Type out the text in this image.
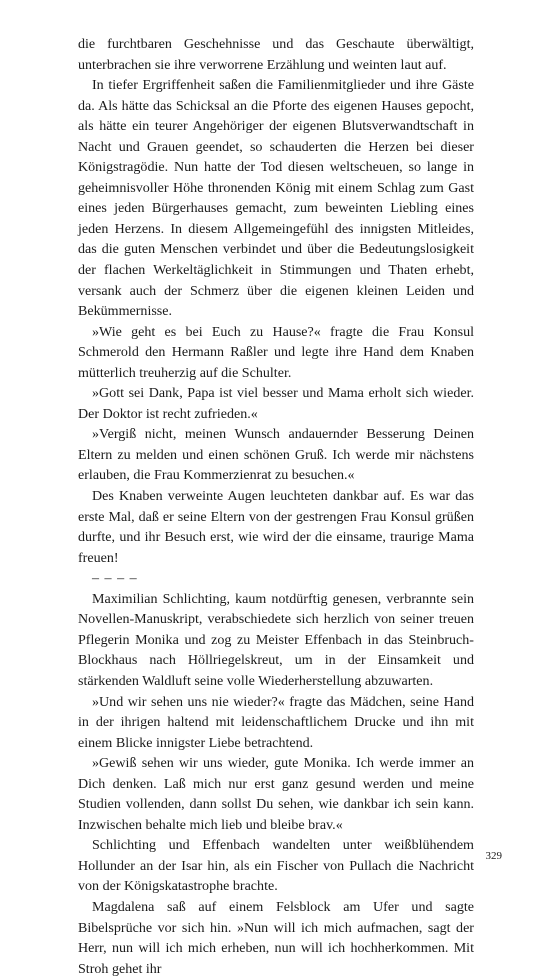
die furchtbaren Geschehnisse und das Geschaute überwältigt, unterbrachen sie ihre verworrene Erzählung und weinten laut auf.

In tiefer Ergriffenheit saßen die Familienmitglieder und ihre Gäste da. Als hätte das Schicksal an die Pforte des eigenen Hauses gepocht, als hätte ein teurer Angehöriger der eigenen Blutsverwandtschaft in Nacht und Grauen geendet, so schauderten die Herzen bei dieser Königstragödie. Nun hatte der Tod diesen weltscheuen, so lange in geheimnisvoller Höhe thronenden König mit einem Schlag zum Gast eines jeden Bürgerhauses gemacht, zum beweinten Liebling eines jeden Herzens. In diesem Allgemeingefühl des innigsten Mitleides, das die guten Menschen verbindet und über die Bedeutungslosigkeit der flachen Werkeltäglichkeit in Stimmungen und Thaten erhebt, versank auch der Schmerz über die eigenen kleinen Leiden und Bekümmernisse.

»Wie geht es bei Euch zu Hause?« fragte die Frau Konsul Schmerold den Hermann Raßler und legte ihre Hand dem Knaben mütterlich treuherzig auf die Schulter.

»Gott sei Dank, Papa ist viel besser und Mama erholt sich wieder. Der Doktor ist recht zufrieden.«

»Vergiß nicht, meinen Wunsch andauernder Besserung Deinen Eltern zu melden und einen schönen Gruß. Ich werde mir nächstens erlauben, die Frau Kommerzienrat zu besuchen.«

Des Knaben verweinte Augen leuchteten dankbar auf. Es war das erste Mal, daß er seine Eltern von der gestrengen Frau Konsul grüßen durfte, und ihr Besuch erst, wie wird der die einsame, traurige Mama freuen!

– – – –

Maximilian Schlichting, kaum notdürftig genesen, verbrannte sein Novellen-Manuskript, verabschiedete sich herzlich von seiner treuen Pflegerin Monika und zog zu Meister Effenbach in das Steinbruch-Blockhaus nach Höllriegelskreut, um in der Einsamkeit und stärkenden Waldluft seine volle Wiederherstellung abzuwarten.

»Und wir sehen uns nie wieder?« fragte das Mädchen, seine Hand in der ihrigen haltend mit leidenschaftlichem Drucke und ihn mit einem Blicke innigster Liebe betrachtend.

»Gewiß sehen wir uns wieder, gute Monika. Ich werde immer an Dich denken. Laß mich nur erst ganz gesund werden und meine Studien vollenden, dann sollst Du sehen, wie dankbar ich sein kann. Inzwischen behalte mich lieb und bleibe brav.«

Schlichting und Effenbach wandelten unter weißblühendem Hollunder an der Isar hin, als ein Fischer von Pullach die Nachricht von der Königskatastrophe brachte.

Magdalena saß auf einem Felsblock am Ufer und sagte Bibelsprüche vor sich hin. »Nun will ich mich aufmachen, sagt der Herr, nun will ich mich erheben, nun will ich hochherkommen. Mit Stroh gehet ihr

329
